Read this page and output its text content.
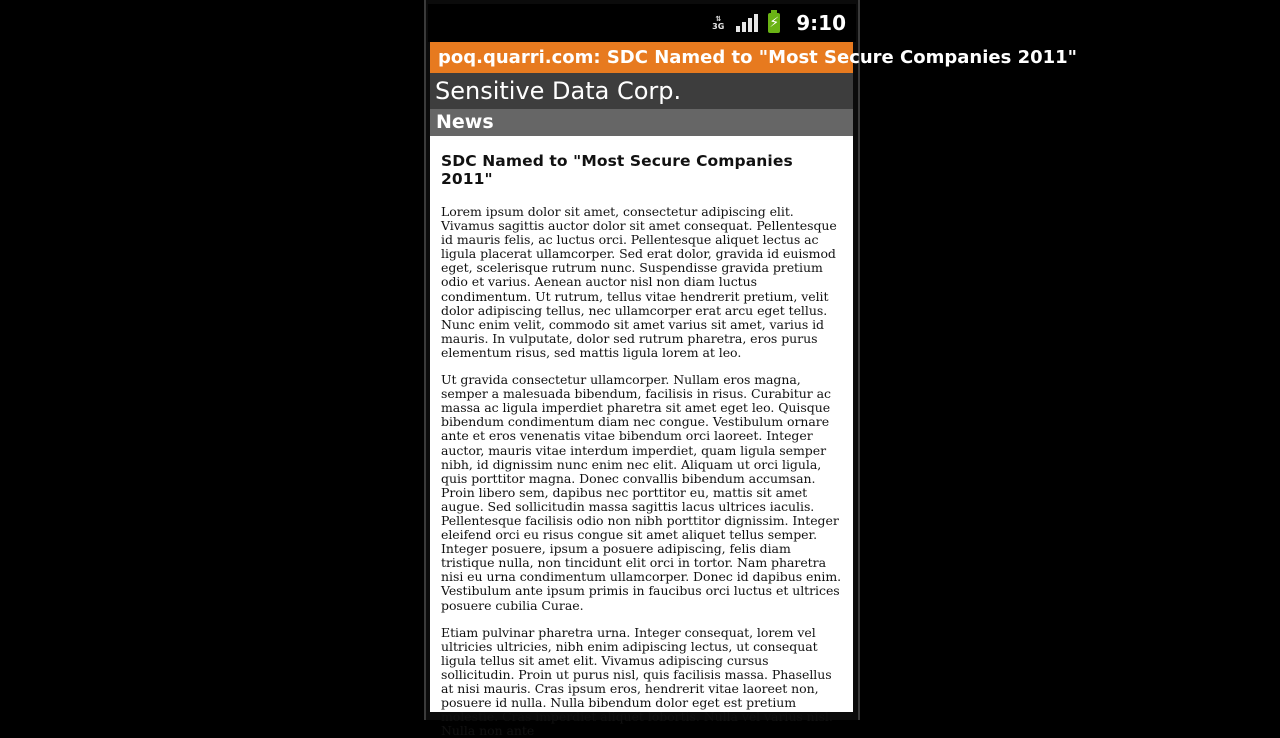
⇅
3G	⚡ 9:10
poq.quarri.com: SDC Named to "Most Secure Companies 2011"
Sensitive Data Corp.
News
SDC Named to "Most Secure Companies 2011"

Lorem ipsum dolor sit amet, consectetur adipiscing elit. Vivamus sagittis auctor dolor sit amet consequat. Pellentesque id mauris felis, ac luctus orci. Pellentesque aliquet lectus ac ligula placerat ullamcorper. Sed erat dolor, gravida id euismod eget, scelerisque rutrum nunc. Suspendisse gravida pretium odio et varius. Aenean auctor nisl non diam luctus condimentum. Ut rutrum, tellus vitae hendrerit pretium, velit dolor adipiscing tellus, nec ullamcorper erat arcu eget tellus. Nunc enim velit, commodo sit amet varius sit amet, varius id mauris. In vulputate, dolor sed rutrum pharetra, eros purus elementum risus, sed mattis ligula lorem at leo.

Ut gravida consectetur ullamcorper. Nullam eros magna, semper a malesuada bibendum, facilisis in risus. Curabitur ac massa ac ligula imperdiet pharetra sit amet eget leo. Quisque bibendum condimentum diam nec congue. Vestibulum ornare ante et eros venenatis vitae bibendum orci laoreet. Integer auctor, mauris vitae interdum imperdiet, quam ligula semper nibh, id dignissim nunc enim nec elit. Aliquam ut orci ligula, quis porttitor magna. Donec convallis bibendum accumsan. Proin libero sem, dapibus nec porttitor eu, mattis sit amet augue. Sed sollicitudin massa sagittis lacus ultrices iaculis. Pellentesque facilisis odio non nibh porttitor dignissim. Integer eleifend orci eu risus congue sit amet aliquet tellus semper. Integer posuere, ipsum a posuere adipiscing, felis diam tristique nulla, non tincidunt elit orci in tortor. Nam pharetra nisi eu urna condimentum ullamcorper. Donec id dapibus enim. Vestibulum ante ipsum primis in faucibus orci luctus et ultrices posuere cubilia Curae.

Etiam pulvinar pharetra urna. Integer consequat, lorem vel ultricies ultricies, nibh enim adipiscing lectus, ut consequat ligula tellus sit amet elit. Vivamus adipiscing cursus sollicitudin. Proin ut purus nisl, quis facilisis massa. Phasellus at nisi mauris. Cras ipsum eros, hendrerit vitae laoreet non, posuere id nulla. Nulla bibendum dolor eget est pretium molestie. Cras imperdiet aliquet lobortis. Nulla vel varius nisl. Nulla non ante
